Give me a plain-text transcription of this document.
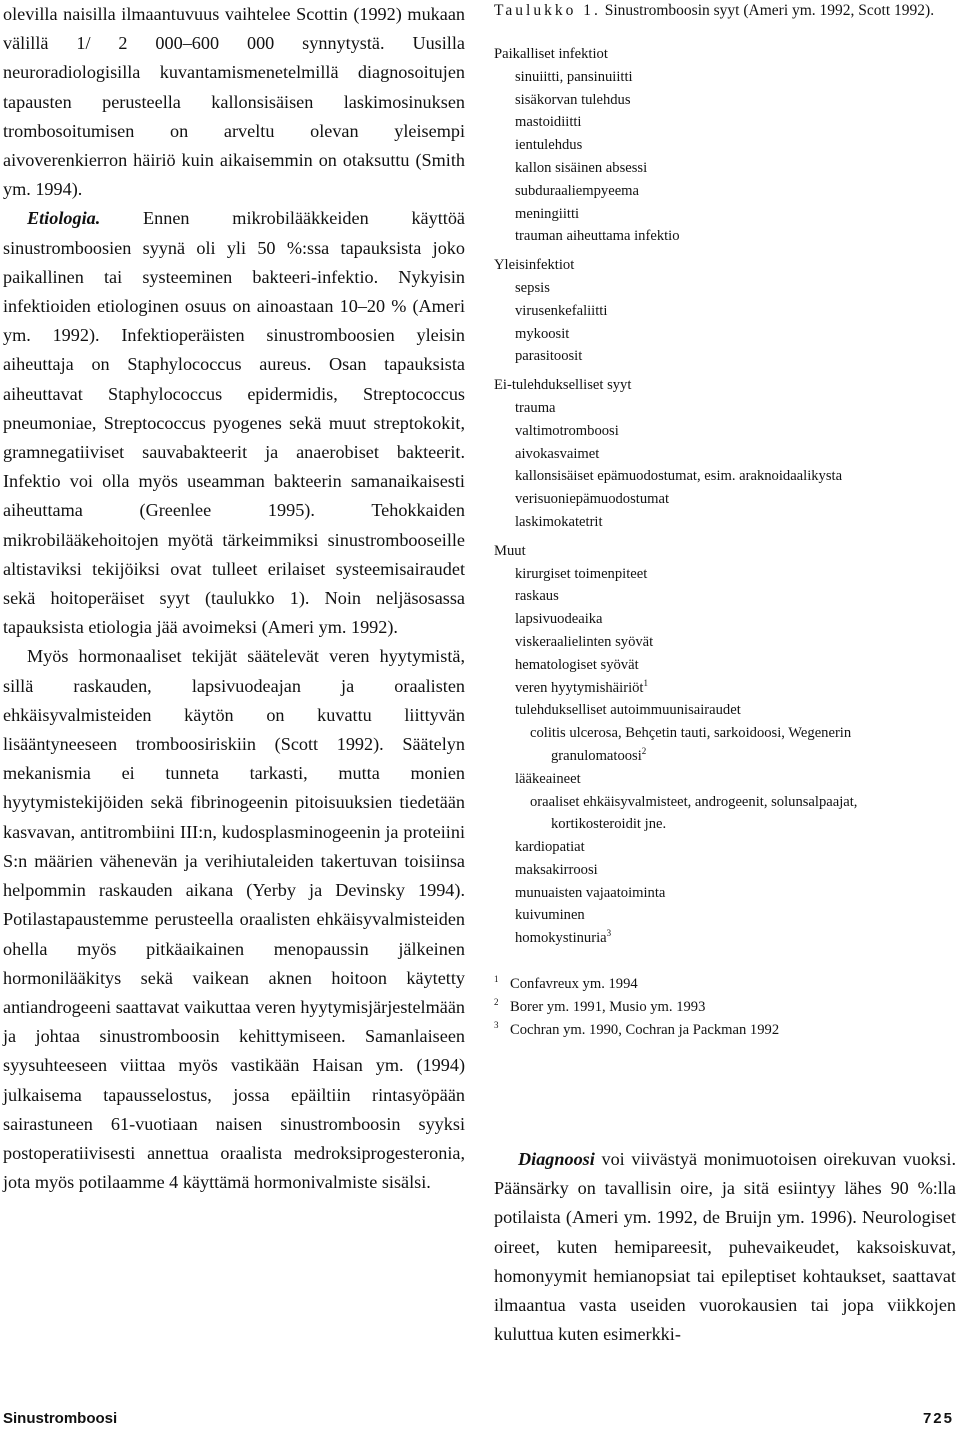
olevilla naisilla ilmaantuvuus vaihtelee Scottin (1992) mukaan välillä 1/ 2 000–600 000 synnytystä. Uusilla neuroradiologisilla kuvantamismenetelmillä diagnosoitujen tapausten perusteella kallonsisäisen laskimosinuksen trombosoitumisen on arveltu olevan yleisempi aivoverenkierron häiriö kuin aikaisemmin on otaksuttu (Smith ym. 1994).

Etiologia. Ennen mikrobilääkkeiden käyttöä sinustromboosien syynä oli yli 50 %:ssa tapauksista joko paikallinen tai systeeminen bakteeri-infektio. Nykyisin infektioiden etiologinen osuus on ainoastaan 10–20 % (Ameri ym. 1992). Infektioperäisten sinustromboosien yleisin aiheuttaja on Staphylococcus aureus. Osan tapauksista aiheuttavat Staphylococcus epidermidis, Streptococcus pneumoniae, Streptococcus pyogenes sekä muut streptokokit, gramnegatiiviset sauvabakteerit ja anaerobiset bakteerit. Infektio voi olla myös useamman bakteerin samanaikaisesti aiheuttama (Greenlee 1995). Tehokkaiden mikrobilääkehoitojen myötä tärkeimmiksi sinustrombooseille altistaviksi tekijöiksi ovat tulleet erilaiset systeemisairaudet sekä hoitoperäiset syyt (taulukko 1). Noin neljäsosassa tapauksista etiologia jää avoimeksi (Ameri ym. 1992).

Myös hormonaaliset tekijät säätelevät veren hyytymistä, sillä raskauden, lapsivuodeajan ja oraalisten ehkäisyvalmisteiden käytön on kuvattu liittyvän lisääntyneeseen tromboosiriskiin (Scott 1992). Säätelyn mekanismia ei tunneta tarkasti, mutta monien hyytymistekijöiden sekä fibrinogeenin pitoisuuksien tiedetään kasvavan, antitrombiini III:n, kudosplasminogeenin ja proteiini S:n määrien vähenevän ja verihiutaleiden takertuvan toisiinsa helpommin raskauden aikana (Yerby ja Devinsky 1994). Potilastapaustemme perusteella oraalisten ehkäisyvalmisteiden ohella myös pitkäaikainen menopaussin jälkeinen hormonilääkitys sekä vaikean aknen hoitoon käytetty antiandrogeeni saattavat vaikuttaa veren hyytymisjärjestelmään ja johtaa sinustromboosin kehittymiseen. Samanlaiseen syysuhteeseen viittaa myös vastikään Haisan ym. (1994) julkaisema tapausselostus, jossa epäiltiin rintasyöpään sairastuneen 61-vuotiaan naisen sinustromboosin syyksi postoperatiivisesti annettua oraalista medroksiprogesteronia, jota myös potilaamme 4 käyttämä hormonivalmiste sisälsi.

Taulukko 1. Sinustromboosin syyt (Ameri ym. 1992, Scott 1992).

Paikalliset infektiot
sinuiitti, pansinuiitti
sisäkorvan tulehdus
mastoidiitti
ientulehdus
kallon sisäinen absessi
subduraaliempyeema
meningiitti
trauman aiheuttama infektio
Yleisinfektiot
sepsis
virusenkefaliitti
mykoosit
parasitoosit
Ei-tulehdukselliset syyt
trauma
valtimotromboosi
aivokasvaimet
kallonsisäiset epämuodostumat, esim. araknoidaalikysta
verisuoniepämuodostumat
laskimokatetrit
Muut
kirurgiset toimenpiteet
raskaus
lapsivuodeaika
viskeraalielinten syövät
hematologiset syövät
veren hyytymishäiriöt$^1$
tulehdukselliset autoimmuunisairaudet
colitis ulcerosa, Behçetin tauti, sarkoidoosi, Wegenerin
granulomatoosi$^2$
lääkeaineet
oraaliset ehkäisyvalmisteet, androgeenit, solunsalpaajat,
kortikosteroidit jne.
kardiopatiat
maksakirroosi
munuaisten vajaatoiminta
kuivuminen
homokystinuria$^3$
$^1$ Confavreux ym. 1994
$^2$ Borer ym. 1991, Musio ym. 1993
$^3$ Cochran ym. 1990, Cochran ja Packman 1992

Diagnoosi voi viivästyä monimuotoisen oirekuvan vuoksi. Päänsärky on tavallisin oire, ja sitä esiintyy lähes 90 %:lla potilaista (Ameri ym. 1992, de Bruijn ym. 1996). Neurologiset oireet, kuten hemipareesit, puhevaikeudet, kaksoiskuvat, homonyymit hemianopsiat tai epileptiset kohtaukset, saattavat ilmaantua vasta useiden vuorokausien tai jopa viikkojen kuluttua kuten esimerkki-

Sinustromboosi	725
